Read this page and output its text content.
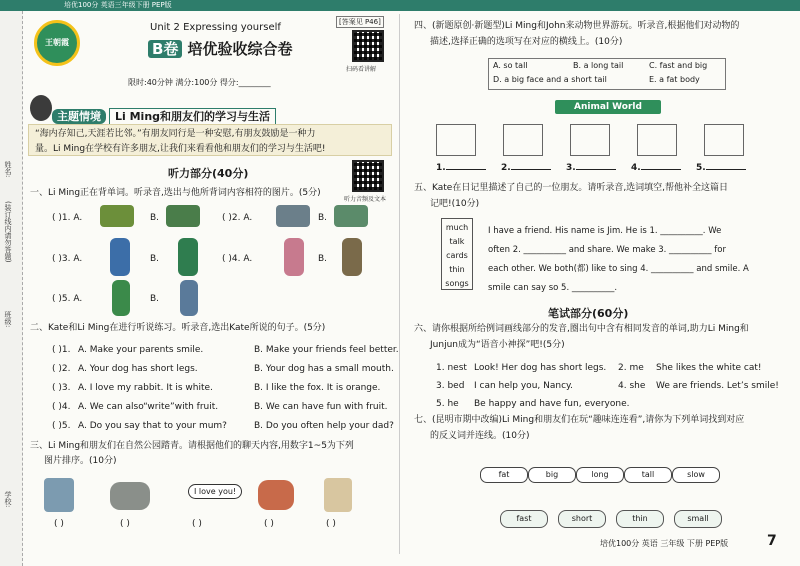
培优100分 英语三年级下册 PEP版
姓名:
(装订线内请勿答题)
班级:
学校:
王朝霞
Unit 2 Expressing yourself
B卷 培优验收综合卷
[答案见 P46]
扫码看讲解
限时:40分钟 满分:100分 得分:________
主题情境 Li Ming和朋友们的学习与生活
“海内存知己,天涯若比邻。”有朋友同行是一种安慰,有朋友鼓励是一种力
量。Li Ming在学校有许多朋友,让我们来看看他和朋友们的学习与生活吧!
听力部分(40分)
听力音频及文本
一、Li Ming正在背单词。听录音,选出与他所背词内容相符的图片。(5分)
( )1. A.	B.	( )2. A.	B.
( )3. A.	B.	( )4. A.	B.
( )5. A.	B.
二、Kate和Li Ming在进行听说练习。听录音,选出Kate所说的句子。(5分)
( )1. A. Make your parents smile.	B. Make your friends feel better.
( )2. A. Your dog has short legs.	B. Your dog has a small mouth.
( )3. A. I love my rabbit. It is white.	B. I like the fox. It is orange.
( )4. A. We can also“write”with fruit.	B. We can have fun with fruit.
( )5. A. Do you say that to your mum?	B. Do you often help your dad?
三、Li Ming和朋友们在自然公园踏青。请根据他们的聊天内容,用数字1~5为下列
图片排序。(10分)
I love you!
( )	( )	( )	( )	( )
四、(新题原创·新题型)Li Ming和John来动物世界游玩。听录音,根据他们对动物的
描述,选择正确的选项写在对应的横线上。(10分)
A. so tall	B. a long tail	C. fast and big
D. a big face and a short tail	E. a fat body
Animal World
1.	2.	3.	4.	5.
五、Kate在日记里描述了自己的一位朋友。请听录音,选词填空,帮他补全这篇日
记吧!(10分)
much
talk
cards
thin
songs
I have a friend. His name is Jim. He is 1. __________. We
often 2. __________ and share. We make 3. __________ for
each other. We both(都) like to sing 4. __________ and smile. A
smile can say so 5. __________.
笔试部分(60分)
六、请你根据所给例词画线部分的发音,圈出句中含有相同发音的单词,助力Li Ming和
Junjun成为“语音小神探”吧!(5分)
1. nest Look! Her dog has short legs. 2. me She likes the white cat!
3. bed I can help you, Nancy.	4. she We are friends. Let’s smile!
5. he Be happy and have fun, everyone.
七、(昆明市期中改编)Li Ming和朋友们在玩“趣味连连看”,请你为下列单词找到对应
的反义词并连线。(10分)
fat	big	long	tall	slow
fast	short	thin	small
培优100分 英语 三年级 下册 PEP版	7
